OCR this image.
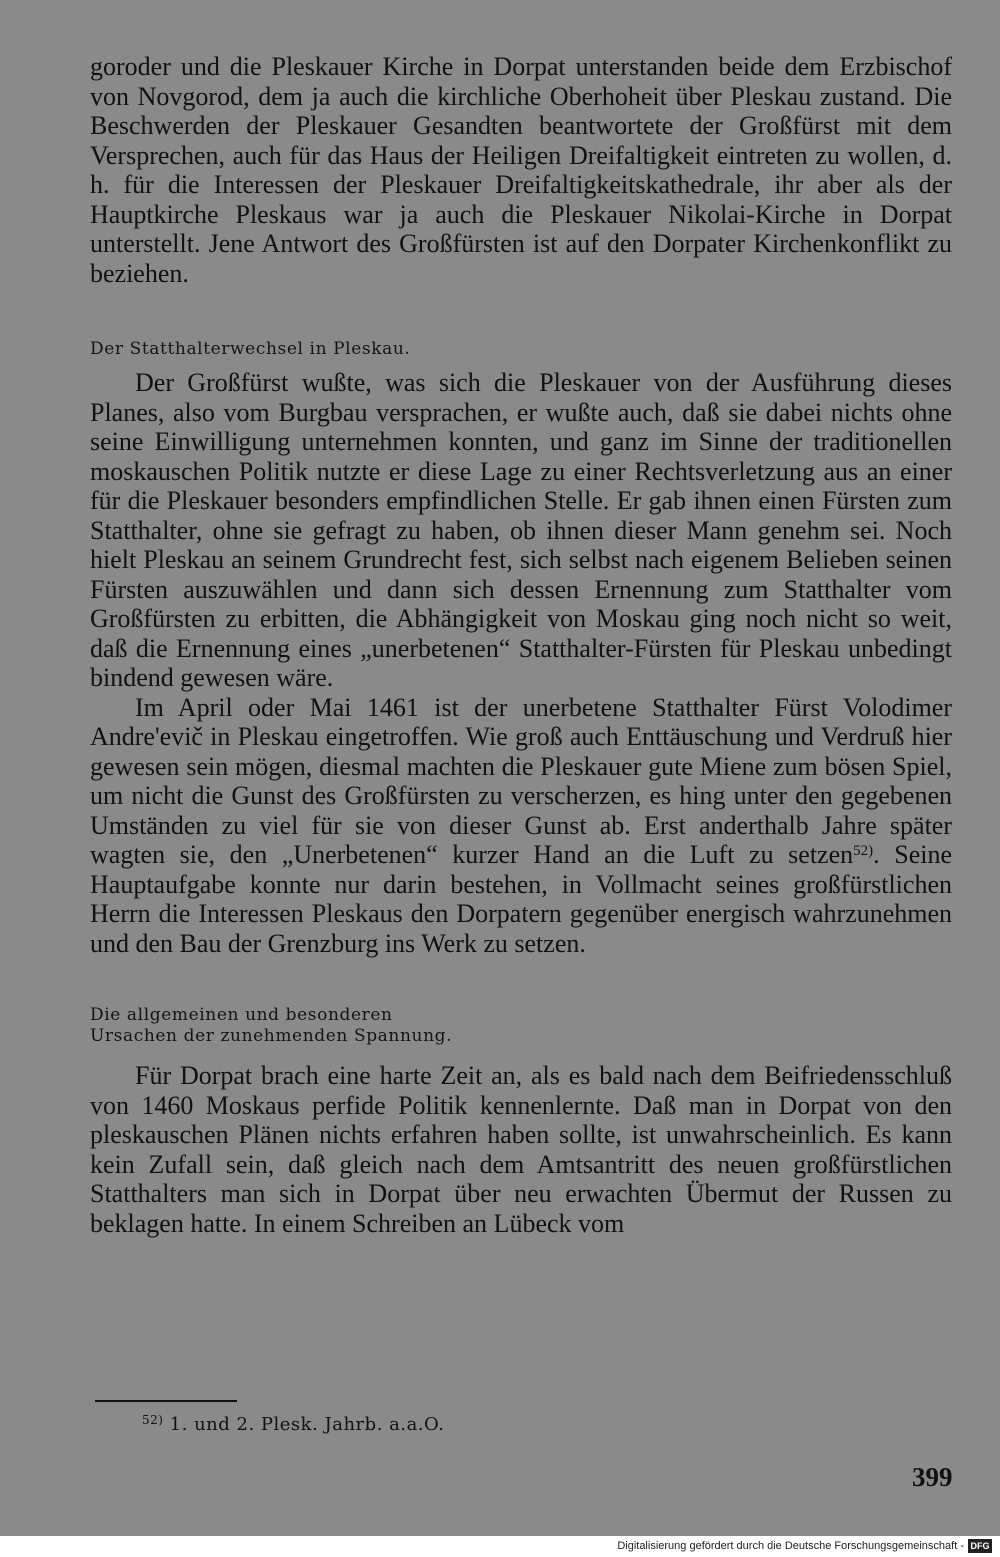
goroder und die Pleskauer Kirche in Dorpat unterstanden beide dem Erzbischof von Novgorod, dem ja auch die kirchliche Oberhoheit über Pleskau zustand. Die Beschwerden der Pleskauer Gesandten beantwortete der Großfürst mit dem Versprechen, auch für das Haus der Heiligen Dreifaltigkeit eintreten zu wollen, d. h. für die Interessen der Pleskauer Dreifaltigkeitskathedrale, ihr aber als der Hauptkirche Pleskaus war ja auch die Pleskauer Nikolai-Kirche in Dorpat unterstellt. Jene Antwort des Großfürsten ist auf den Dorpater Kirchenkonflikt zu beziehen.

Der Statthalterwechsel in Pleskau.

Der Großfürst wußte, was sich die Pleskauer von der Ausführung dieses Planes, also vom Burgbau versprachen, er wußte auch, daß sie dabei nichts ohne seine Einwilligung unternehmen konnten, und ganz im Sinne der traditionellen moskauschen Politik nutzte er diese Lage zu einer Rechtsverletzung aus an einer für die Pleskauer besonders empfindlichen Stelle. Er gab ihnen einen Fürsten zum Statthalter, ohne sie gefragt zu haben, ob ihnen dieser Mann genehm sei. Noch hielt Pleskau an seinem Grundrecht fest, sich selbst nach eigenem Belieben seinen Fürsten auszuwählen und dann sich dessen Ernennung zum Statthalter vom Großfürsten zu erbitten, die Abhängigkeit von Moskau ging noch nicht so weit, daß die Ernennung eines „unerbetenen“ Statthalter-Fürsten für Pleskau unbedingt bindend gewesen wäre.

Im April oder Mai 1461 ist der unerbetene Statthalter Fürst Volodimer Andre'evič in Pleskau eingetroffen. Wie groß auch Enttäuschung und Verdruß hier gewesen sein mögen, diesmal machten die Pleskauer gute Miene zum bösen Spiel, um nicht die Gunst des Großfürsten zu verscherzen, es hing unter den gegebenen Umständen zu viel für sie von dieser Gunst ab. Erst anderthalb Jahre später wagten sie, den „Unerbetenen“ kurzer Hand an die Luft zu setzen$^{52)}$. Seine Hauptaufgabe konnte nur darin bestehen, in Vollmacht seines großfürstlichen Herrn die Interessen Pleskaus den Dorpatern gegenüber energisch wahrzunehmen und den Bau der Grenzburg ins Werk zu setzen.

Die allgemeinen und besonderen
Ursachen der zunehmenden Spannung.

Für Dorpat brach eine harte Zeit an, als es bald nach dem Beifriedensschluß von 1460 Moskaus perfide Politik kennenlernte. Daß man in Dorpat von den pleskauschen Plänen nichts erfahren haben sollte, ist unwahrscheinlich. Es kann kein Zufall sein, daß gleich nach dem Amtsantritt des neuen großfürstlichen Statthalters man sich in Dorpat über neu erwachten Übermut der Russen zu beklagen hatte. In einem Schreiben an Lübeck vom

$^{52)}$ 1. und 2. Plesk. Jahrb. a.a.O.
399
Digitalisierung gefördert durch die Deutsche Forschungsgemeinschaft - DFG
